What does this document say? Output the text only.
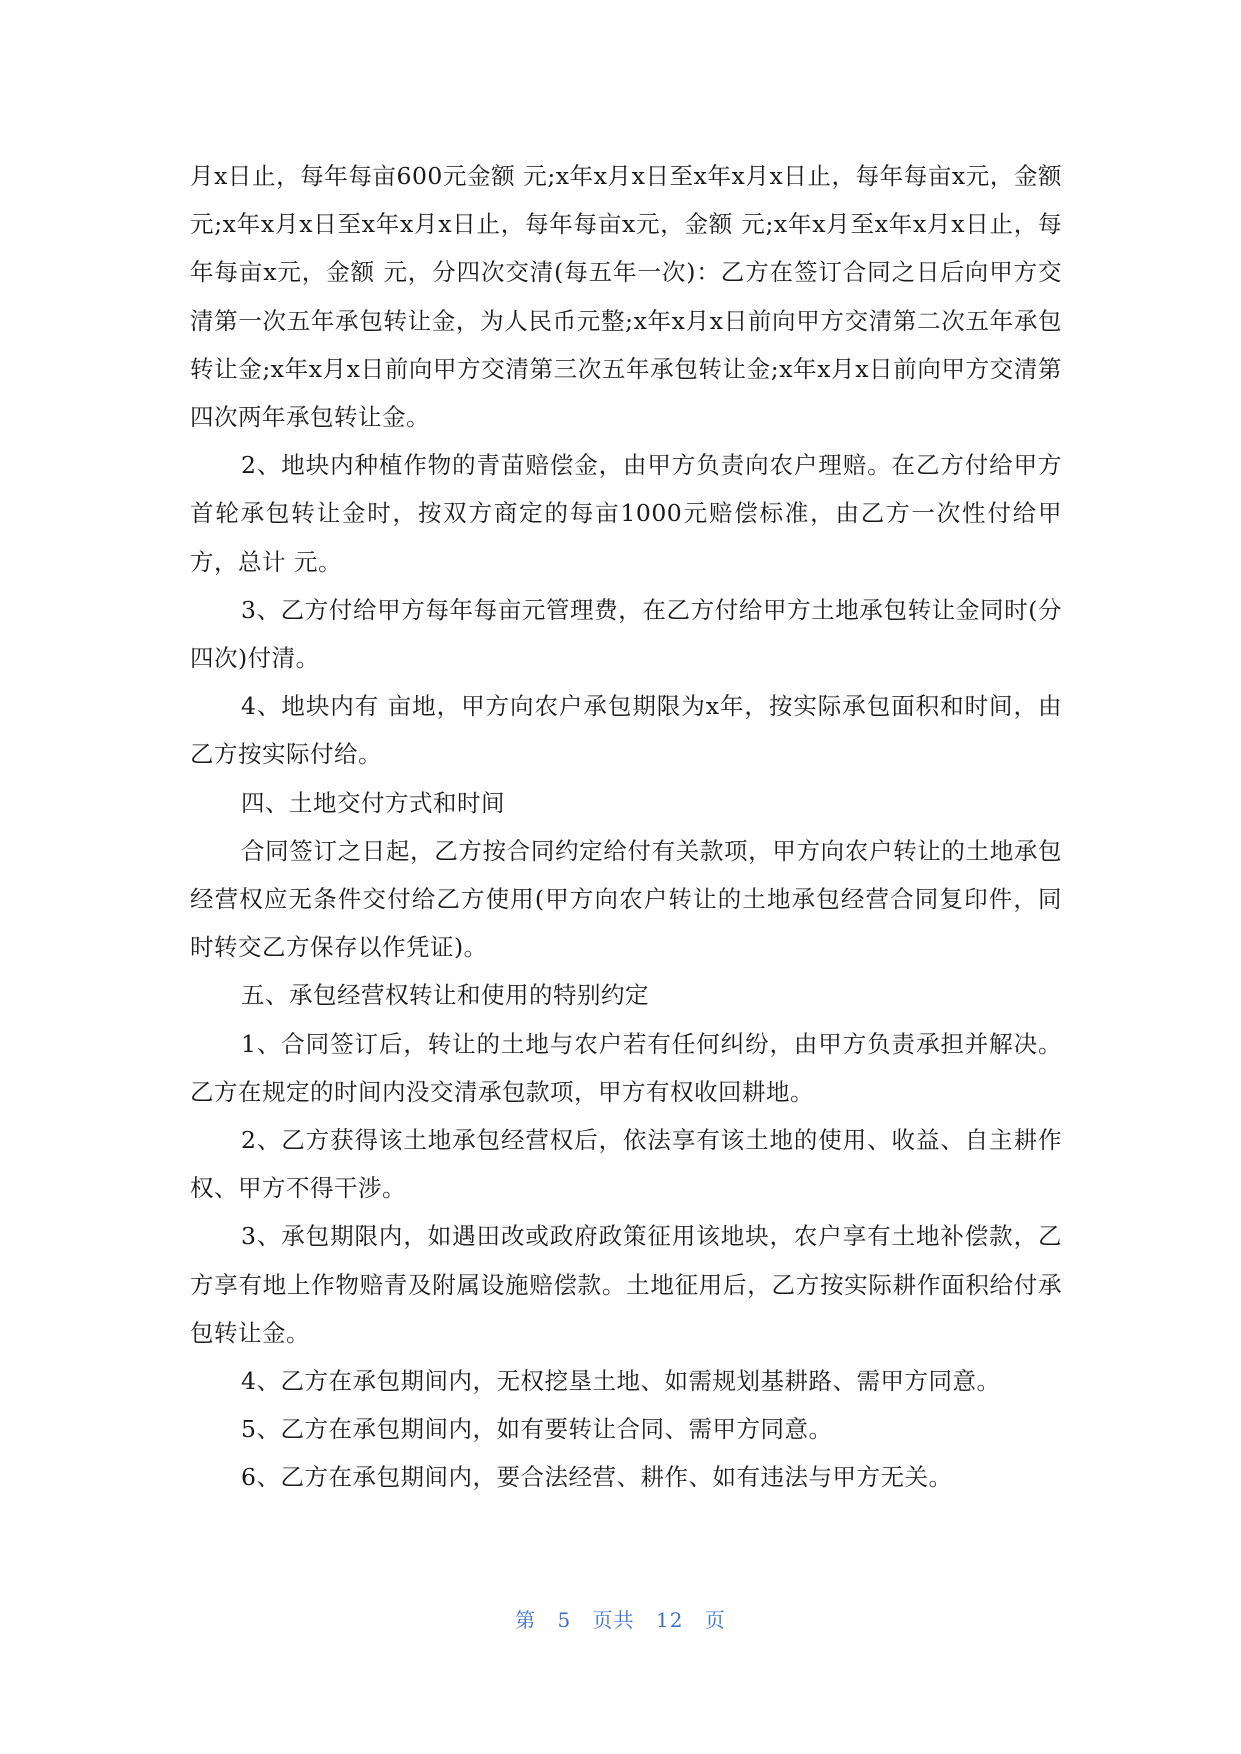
月x日止，每年每亩600元金额 元;x年x月x日至x年x月x日止，每年每亩x元，金额 元;x年x月x日至x年x月x日止，每年每亩x元，金额 元;x年x月至x年x月x日止，每年每亩x元，金额 元，分四次交清(每五年一次)：乙方在签订合同之日后向甲方交清第一次五年承包转让金，为人民币元整;x年x月x日前向甲方交清第二次五年承包转让金;x年x月x日前向甲方交清第三次五年承包转让金;x年x月x日前向甲方交清第四次两年承包转让金。

2、地块内种植作物的青苗赔偿金，由甲方负责向农户理赔。在乙方付给甲方首轮承包转让金时，按双方商定的每亩1000元赔偿标准，由乙方一次性付给甲方，总计 元。

3、乙方付给甲方每年每亩元管理费，在乙方付给甲方土地承包转让金同时(分四次)付清。

4、地块内有 亩地，甲方向农户承包期限为x年，按实际承包面积和时间，由乙方按实际付给。

四、土地交付方式和时间

合同签订之日起，乙方按合同约定给付有关款项，甲方向农户转让的土地承包经营权应无条件交付给乙方使用(甲方向农户转让的土地承包经营合同复印件，同时转交乙方保存以作凭证)。

五、承包经营权转让和使用的特别约定

1、合同签订后，转让的土地与农户若有任何纠纷，由甲方负责承担并解决。乙方在规定的时间内没交清承包款项，甲方有权收回耕地。

2、乙方获得该土地承包经营权后，依法享有该土地的使用、收益、自主耕作权、甲方不得干涉。

3、承包期限内，如遇田改或政府政策征用该地块，农户享有土地补偿款，乙方享有地上作物赔青及附属设施赔偿款。土地征用后，乙方按实际耕作面积给付承包转让金。

4、乙方在承包期间内，无权挖垦土地、如需规划基耕路、需甲方同意。

5、乙方在承包期间内，如有要转让合同、需甲方同意。

6、乙方在承包期间内，要合法经营、耕作、如有违法与甲方无关。

第 5 页共 12 页
